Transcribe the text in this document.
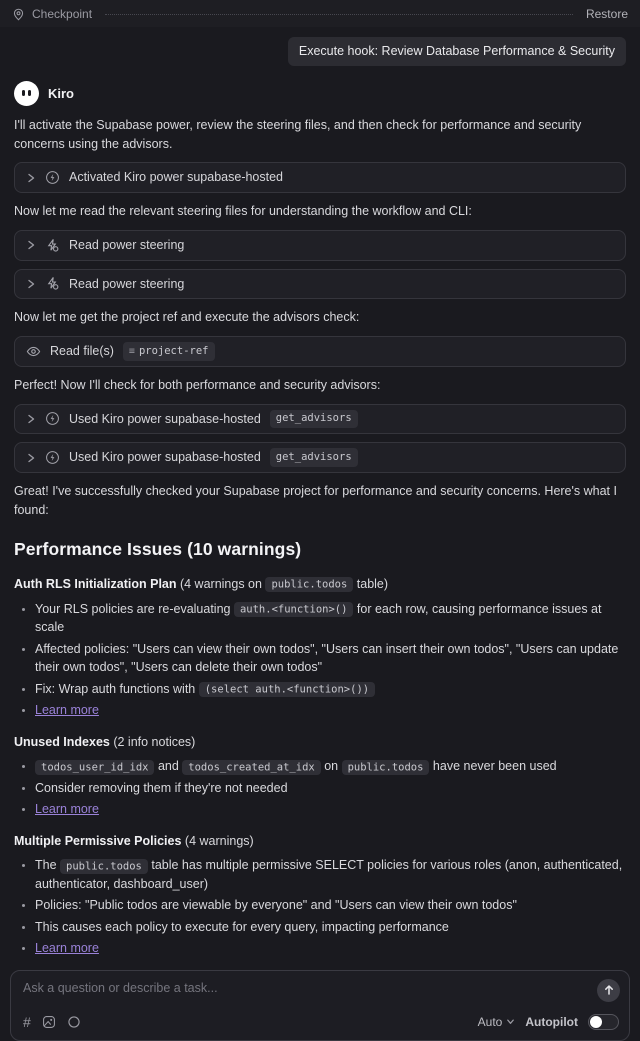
Checkpoint	Restore
Execute hook: Review Database Performance & Security
Kiro

I'll activate the Supabase power, review the steering files, and then check for performance and security concerns using the advisors.

Activated Kiro power supabase-hosted

Now let me read the relevant steering files for understanding the workflow and CLI:

Read power steering
Read power steering

Now let me get the project ref and execute the advisors check:

Read file(s) ≡ project-ref

Perfect! Now I'll check for both performance and security advisors:

Used Kiro power supabase-hosted	get_advisors
Used Kiro power supabase-hosted	get_advisors

Great! I've successfully checked your Supabase project for performance and security concerns. Here's what I found:

Performance Issues (10 warnings)

Auth RLS Initialization Plan (4 warnings on public.todos table)

• Your RLS policies are re-evaluating auth.<function>() for each row, causing performance issues at scale
• Affected policies: "Users can view their own todos", "Users can insert their own todos", "Users can update their own todos", "Users can delete their own todos"
• Fix: Wrap auth functions with (select auth.<function>())
• Learn more

Unused Indexes (2 info notices)

• todos_user_id_idx and todos_created_at_idx on public.todos have never been used
• Consider removing them if they're not needed
• Learn more

Multiple Permissive Policies (4 warnings)

• The public.todos table has multiple permissive SELECT policies for various roles (anon, authenticated, authenticator, dashboard_user)
• Policies: "Public todos are viewable by everyone" and "Users can view their own todos"
• This causes each policy to execute for every query, impacting performance
• Learn more
Ask a question or describe a task...
#	Auto Autopilot
